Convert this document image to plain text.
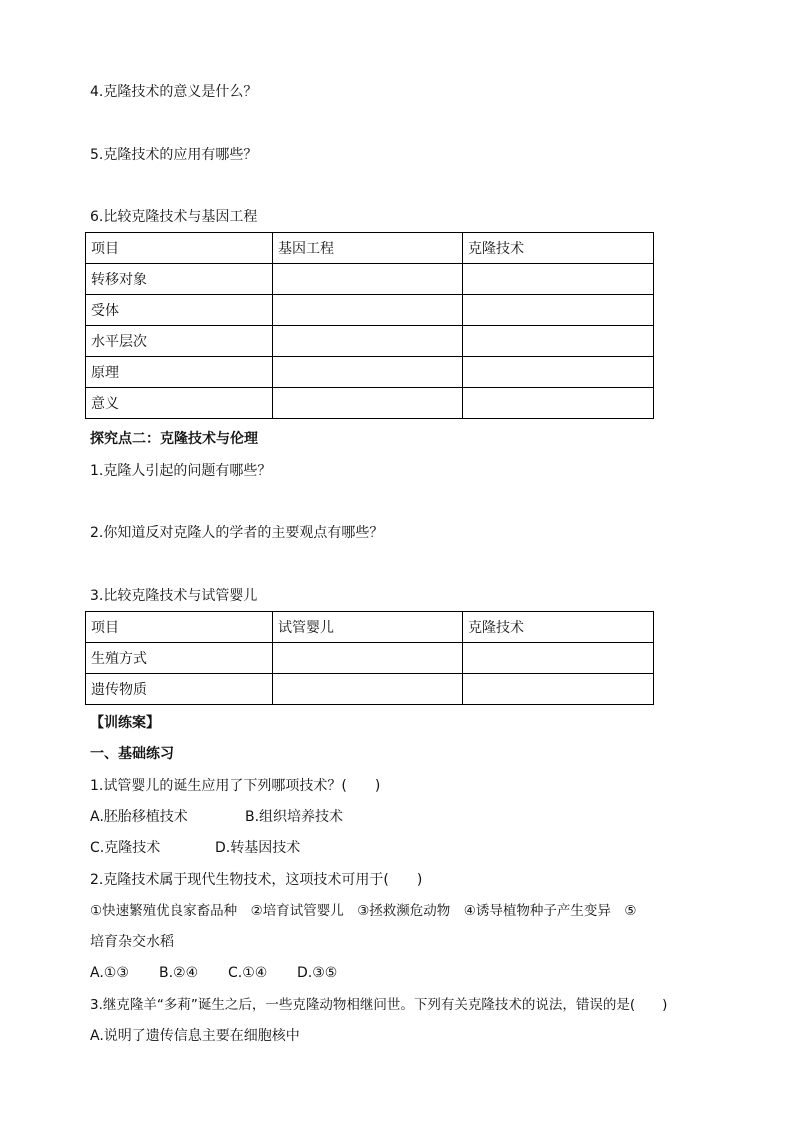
4.克隆技术的意义是什么？
5.克隆技术的应用有哪些？
6.比较克隆技术与基因工程
项目	基因工程	克隆技术
转移对象		
受体		
水平层次		
原理		
意义		
探究点二：克隆技术与伦理
1.克隆人引起的问题有哪些？
2.你知道反对克隆人的学者的主要观点有哪些？
3.比较克隆技术与试管婴儿
项目	试管婴儿	克隆技术
生殖方式		
遗传物质		
【训练案】
一、基础练习
1.试管婴儿的诞生应用了下列哪项技术？(　　)
A.胚胎移植技术	B.组织培养技术
C.克隆技术	D.转基因技术
2.克隆技术属于现代生物技术，这项技术可用于(　　)
①快速繁殖优良家畜品种　②培育试管婴儿　③拯救濒危动物　④诱导植物种子产生变异　⑤
培育杂交水稻
A.①③ B.②④ C.①④ D.③⑤
3.继克隆羊“多莉”诞生之后，一些克隆动物相继问世。下列有关克隆技术的说法，错误的是(　　)
A.说明了遗传信息主要在细胞核中
